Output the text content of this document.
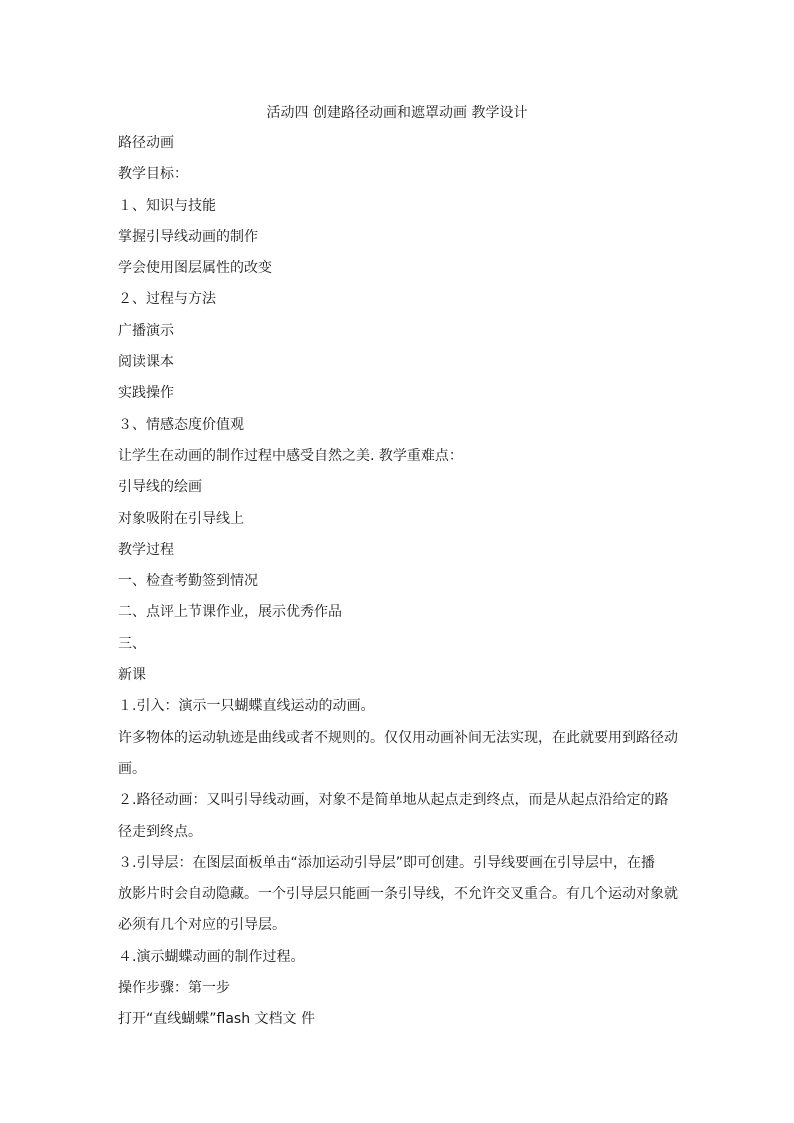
活动四 创建路径动画和遮罩动画 教学设计
路径动画
教学目标：
１、知识与技能
掌握引导线动画的制作
学会使用图层属性的改变
２、过程与方法
广播演示
阅读课本
实践操作
３、情感态度价值观
让学生在动画的制作过程中感受自然之美. 教学重难点：
引导线的绘画
对象吸附在引导线上
教学过程
一、检查考勤签到情况
二、点评上节课作业，展示优秀作品
三、
新课
１.引入：演示一只蝴蝶直线运动的动画。
许多物体的运动轨迹是曲线或者不规则的。仅仅用动画补间无法实现，在此就要用到路径动
画。
２.路径动画：又叫引导线动画，对象不是简单地从起点走到终点，而是从起点沿给定的路
径走到终点。
３.引导层：在图层面板单击“添加运动引导层”即可创建。引导线要画在引导层中，在播
放影片时会自动隐藏。一个引导层只能画一条引导线，不允许交叉重合。有几个运动对象就
必须有几个对应的引导层。
４.演示蝴蝶动画的制作过程。
操作步骤：第一步
打开“直线蝴蝶”flash 文档文 件
